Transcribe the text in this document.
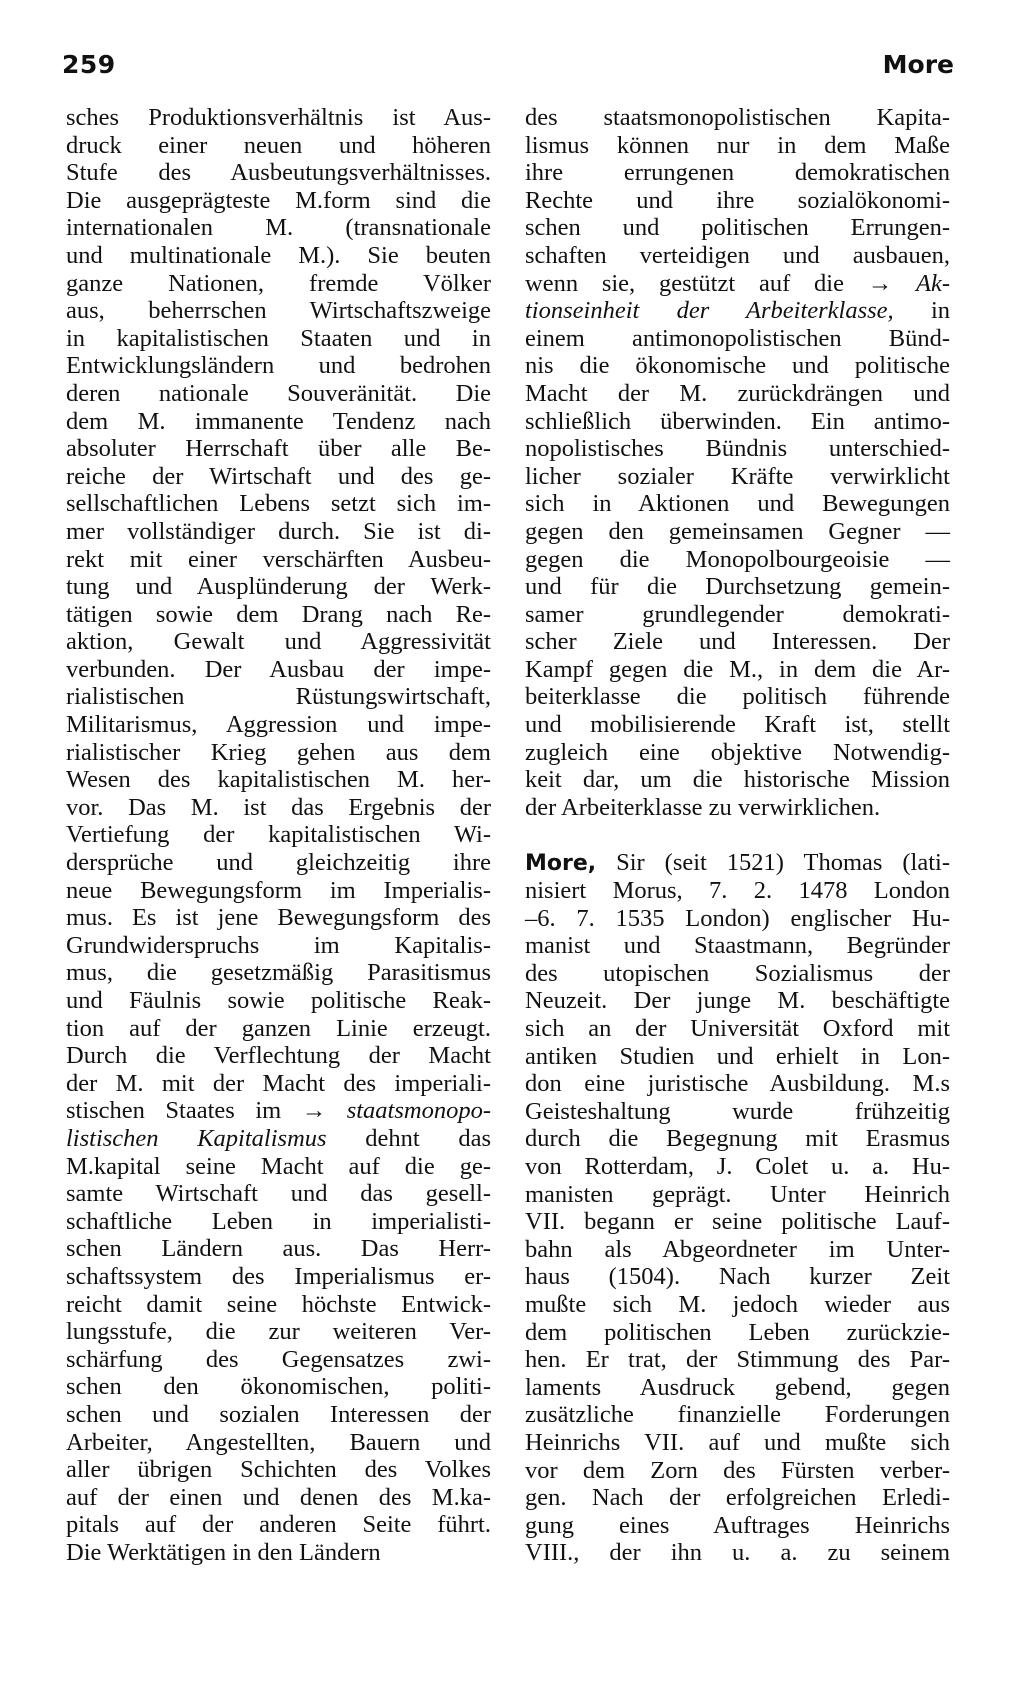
259	More
sches Produktionsverhältnis ist Aus-
druck einer neuen und höheren
Stufe des Ausbeutungsverhältnisses.
Die ausgeprägteste M.form sind die
internationalen M. (transnationale
und multinationale M.). Sie beuten
ganze Nationen, fremde Völker
aus, beherrschen Wirtschaftszweige
in kapitalistischen Staaten und in
Entwicklungsländern und bedrohen
deren nationale Souveränität. Die
dem M. immanente Tendenz nach
absoluter Herrschaft über alle Be-
reiche der Wirtschaft und des ge-
sellschaftlichen Lebens setzt sich im-
mer vollständiger durch. Sie ist di-
rekt mit einer verschärften Ausbeu-
tung und Ausplünderung der Werk-
tätigen sowie dem Drang nach Re-
aktion, Gewalt und Aggressivität
verbunden. Der Ausbau der impe-
rialistischen Rüstungswirtschaft,
Militarismus, Aggression und impe-
rialistischer Krieg gehen aus dem
Wesen des kapitalistischen M. her-
vor. Das M. ist das Ergebnis der
Vertiefung der kapitalistischen Wi-
dersprüche und gleichzeitig ihre
neue Bewegungsform im Imperialis-
mus. Es ist jene Bewegungsform des
Grundwiderspruchs im Kapitalis-
mus, die gesetzmäßig Parasitismus
und Fäulnis sowie politische Reak-
tion auf der ganzen Linie erzeugt.
Durch die Verflechtung der Macht
der M. mit der Macht des imperiali-
stischen Staates im → staatsmonopo-
listischen Kapitalismus dehnt das
M.kapital seine Macht auf die ge-
samte Wirtschaft und das gesell-
schaftliche Leben in imperialisti-
schen Ländern aus. Das Herr-
schaftssystem des Imperialismus er-
reicht damit seine höchste Entwick-
lungsstufe, die zur weiteren Ver-
schärfung des Gegensatzes zwi-
schen den ökonomischen, politi-
schen und sozialen Interessen der
Arbeiter, Angestellten, Bauern und
aller übrigen Schichten des Volkes
auf der einen und denen des M.ka-
pitals auf der anderen Seite führt.
Die Werktätigen in den Ländern
des staatsmonopolistischen Kapita-
lismus können nur in dem Maße
ihre errungenen demokratischen
Rechte und ihre sozialökonomi-
schen und politischen Errungen-
schaften verteidigen und ausbauen,
wenn sie, gestützt auf die → Ak-
tionseinheit der Arbeiterklasse, in
einem antimonopolistischen Bünd-
nis die ökonomische und politische
Macht der M. zurückdrängen und
schließlich überwinden. Ein antimo-
nopolistisches Bündnis unterschied-
licher sozialer Kräfte verwirklicht
sich in Aktionen und Bewegungen
gegen den gemeinsamen Gegner —
gegen die Monopolbourgeoisie —
und für die Durchsetzung gemein-
samer grundlegender demokrati-
scher Ziele und Interessen. Der
Kampf gegen die M., in dem die Ar-
beiterklasse die politisch führende
und mobilisierende Kraft ist, stellt
zugleich eine objektive Notwendig-
keit dar, um die historische Mission
der Arbeiterklasse zu verwirklichen.
More, Sir (seit 1521) Thomas (lati-
nisiert Morus, 7. 2. 1478 London
–6. 7. 1535 London) englischer Hu-
manist und Staastmann, Begründer
des utopischen Sozialismus der
Neuzeit. Der junge M. beschäftigte
sich an der Universität Oxford mit
antiken Studien und erhielt in Lon-
don eine juristische Ausbildung. M.s
Geisteshaltung wurde frühzeitig
durch die Begegnung mit Erasmus
von Rotterdam, J. Colet u. a. Hu-
manisten geprägt. Unter Heinrich
VII. begann er seine politische Lauf-
bahn als Abgeordneter im Unter-
haus (1504). Nach kurzer Zeit
mußte sich M. jedoch wieder aus
dem politischen Leben zurückzie-
hen. Er trat, der Stimmung des Par-
laments Ausdruck gebend, gegen
zusätzliche finanzielle Forderungen
Heinrichs VII. auf und mußte sich
vor dem Zorn des Fürsten verber-
gen. Nach der erfolgreichen Erledi-
gung eines Auftrages Heinrichs
VIII., der ihn u. a. zu seinem
